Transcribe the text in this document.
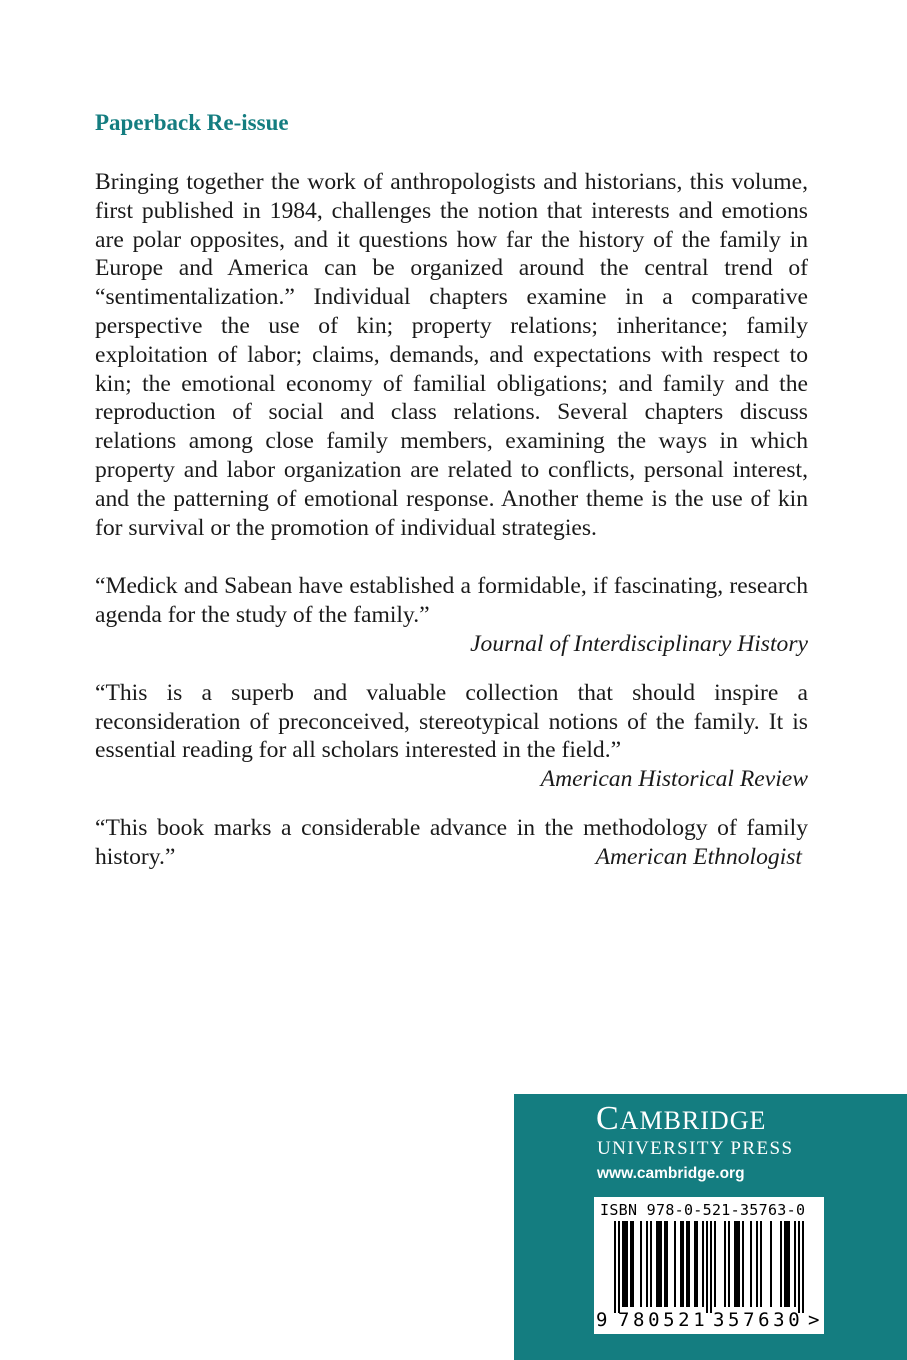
Paperback Re-issue

Bringing together the work of anthropologists and historians, this volume, first published in 1984, challenges the notion that interests and emotions are polar opposites, and it questions how far the history of the family in Europe and America can be organized around the central trend of “sentimentalization.” Individual chapters examine in a comparative perspective the use of kin; property relations; inheritance; family exploitation of labor; claims, demands, and expectations with respect to kin; the emotional economy of familial obligations; and family and the reproduction of social and class relations. Several chapters discuss relations among close family members, examining the ways in which property and labor organization are related to conflicts, personal interest, and the patterning of emotional response. Another theme is the use of kin for survival or the promotion of individual strategies.

“Medick and Sabean have established a formidable, if fascinating, research agenda for the study of the family.”

Journal of Interdisciplinary History

“This is a superb and valuable collection that should inspire a reconsideration of preconceived, stereotypical notions of the family. It is essential reading for all scholars interested in the field.”

American Historical Review

“This book marks a considerable advance in the methodology of family history.”	American Ethnologist

CAMBRIDGE
UNIVERSITY PRESS
www.cambridge.org
ISBN 978-0-521-35763-0
9 780521 357630 >
